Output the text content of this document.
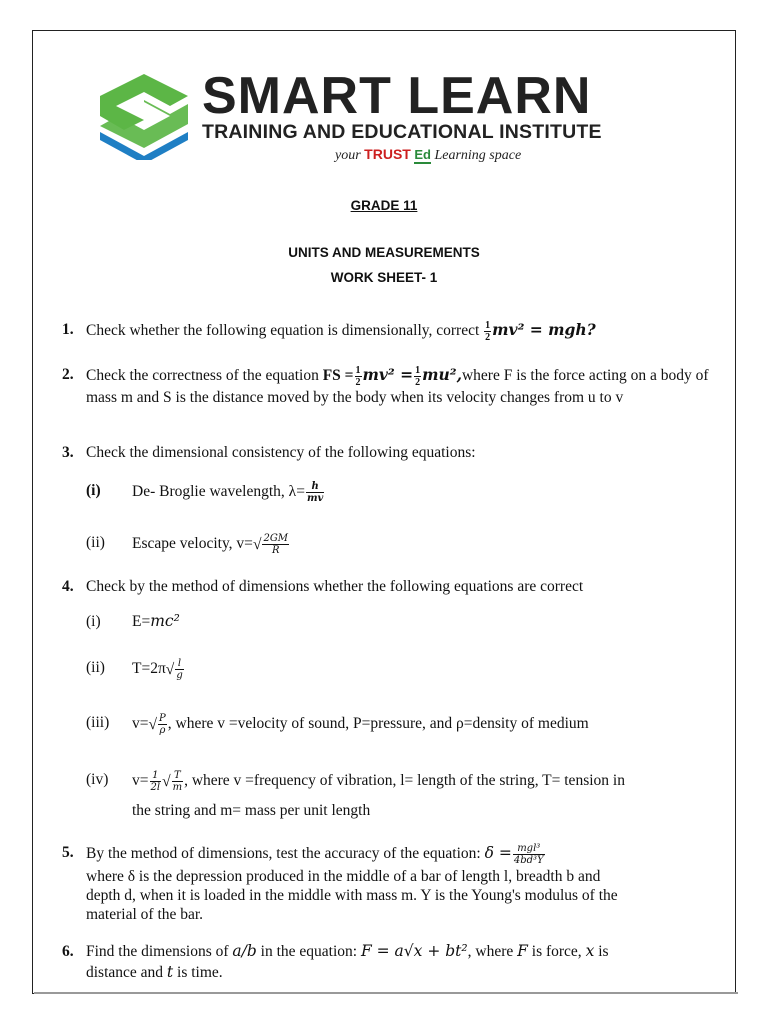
SMART LEARN
TRAINING AND EDUCATIONAL INSTITUTE
your TRUST Ed Learning space
GRADE 11
UNITS AND MEASUREMENTS
WORK SHEET- 1
1. Check whether the following equation is dimensionally, correct $\frac{1}{2} mv^2$ = mgh?
2. Check the correctness of the equation FS = $\frac{1}{2} mv^2 = \frac{1}{2}$ mu²,where F is the force acting on a body of mass m and S is the distance moved by the body when its velocity changes from u to v
3. Check the dimensional consistency of the following equations:
(i) De- Broglie wavelength, $\lambda= \frac{h}{mv}$
(ii) Escape velocity, $v=√ \frac{2GM}{R}$
4. Check by the method of dimensions whether the following equations are correct
(i) E=mc²
(ii) $T=2\pi√ \frac{l}{g}$
(iii) $v=√ \frac{P}{\rho}$ , where v =velocity of sound, P=pressure, and ρ=density of medium
(iv) $v= \frac{1}{2l}$ √ $\frac{T}{m}$ , where v =frequency of vibration, l= length of the string, T= tension in
the string and m= mass per unit length
5. By the method of dimensions, test the accuracy of the equation: $\delta = \frac{\text{mgl³}}{\text{4bd³Y}}$
where δ is the depression produced in the middle of a bar of length l, breadth b and
depth d, when it is loaded in the middle with mass m. Y is the Young's modulus of the
material of the bar.
6. Find the dimensions of a/b in the equation: F = a√x + bt², where F is force, x is
distance and t is time.
